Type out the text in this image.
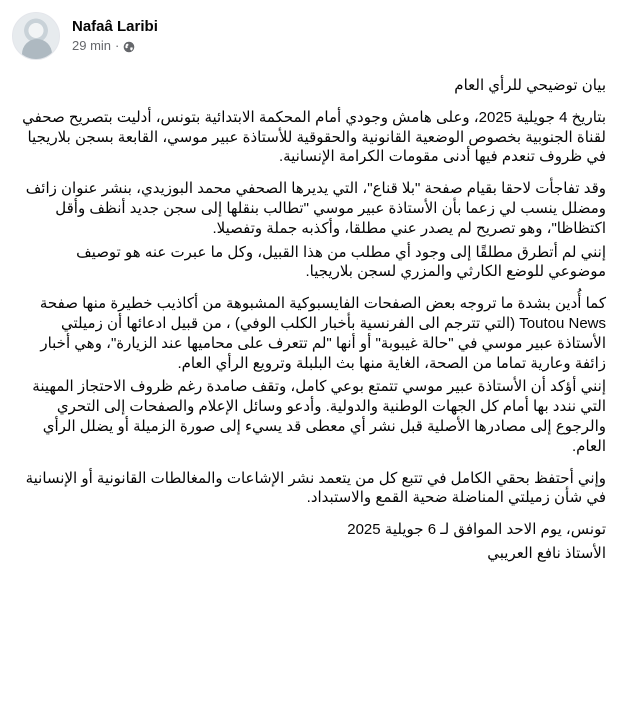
Nafaâ Laribi
29 min ·

بيان توضيحي للرأي العام

بتاريخ 4 جويلية 2025، وعلى هامش وجودي أمام المحكمة الابتدائية بتونس، أدليت بتصريح صحفي لقناة الجنوبية بخصوص الوضعية القانونية والحقوقية للأستاذة عبير موسي، القابعة بسجن بلاريجيا في ظروف تنعدم فيها أدنى مقومات الكرامة الإنسانية.

وقد تفاجأت لاحقا بقيام صفحة "بلا قناع"، التي يديرها الصحفي محمد البوزيدي، بنشر عنوان زائف ومضلل ينسب لي زعما بأن الأستاذة عبير موسي "تطالب بنقلها إلى سجن جديد أنظف وأقل اكتظاظا"، وهو تصريح لم يصدر عني مطلقا، وأكذبه جملة وتفصيلا.

إنني لم أتطرق مطلقًا إلى وجود أي مطلب من هذا القبيل، وكل ما عبرت عنه هو توصيف موضوعي للوضع الكارثي والمزري لسجن بلاريجيا.

كما أُدين بشدة ما تروجه بعض الصفحات الفايسبوكية المشبوهة من أكاذيب خطيرة منها صفحة Toutou News (التي تترجم الى الفرنسية بأخبار الكلب الوفي) ، من قبيل ادعائها أن زميلتي الأستاذة عبير موسي في "حالة غيبوبة" أو أنها "لم تتعرف على محاميها عند الزيارة"، وهي أخبار زائفة وعارية تماما من الصحة، الغاية منها بث البلبلة وترويع الرأي العام.

إنني أؤكد أن الأستاذة عبير موسي تتمتع بوعي كامل، وتقف صامدة رغم ظروف الاحتجاز المهينة التي نندد بها أمام كل الجهات الوطنية والدولية. وأدعو وسائل الإعلام والصفحات إلى التحري والرجوع إلى مصادرها الأصلية قبل نشر أي معطى قد يسيء إلى صورة الزميلة أو يضلل الرأي العام.

وإني أحتفظ بحقي الكامل في تتبع كل من يتعمد نشر الإشاعات والمغالطات القانونية أو الإنسانية في شأن زميلتي المناضلة ضحية القمع والاستبداد.

تونس، يوم الاحد الموافق لـ 6 جويلية 2025

الأستاذ نافع العريبي
